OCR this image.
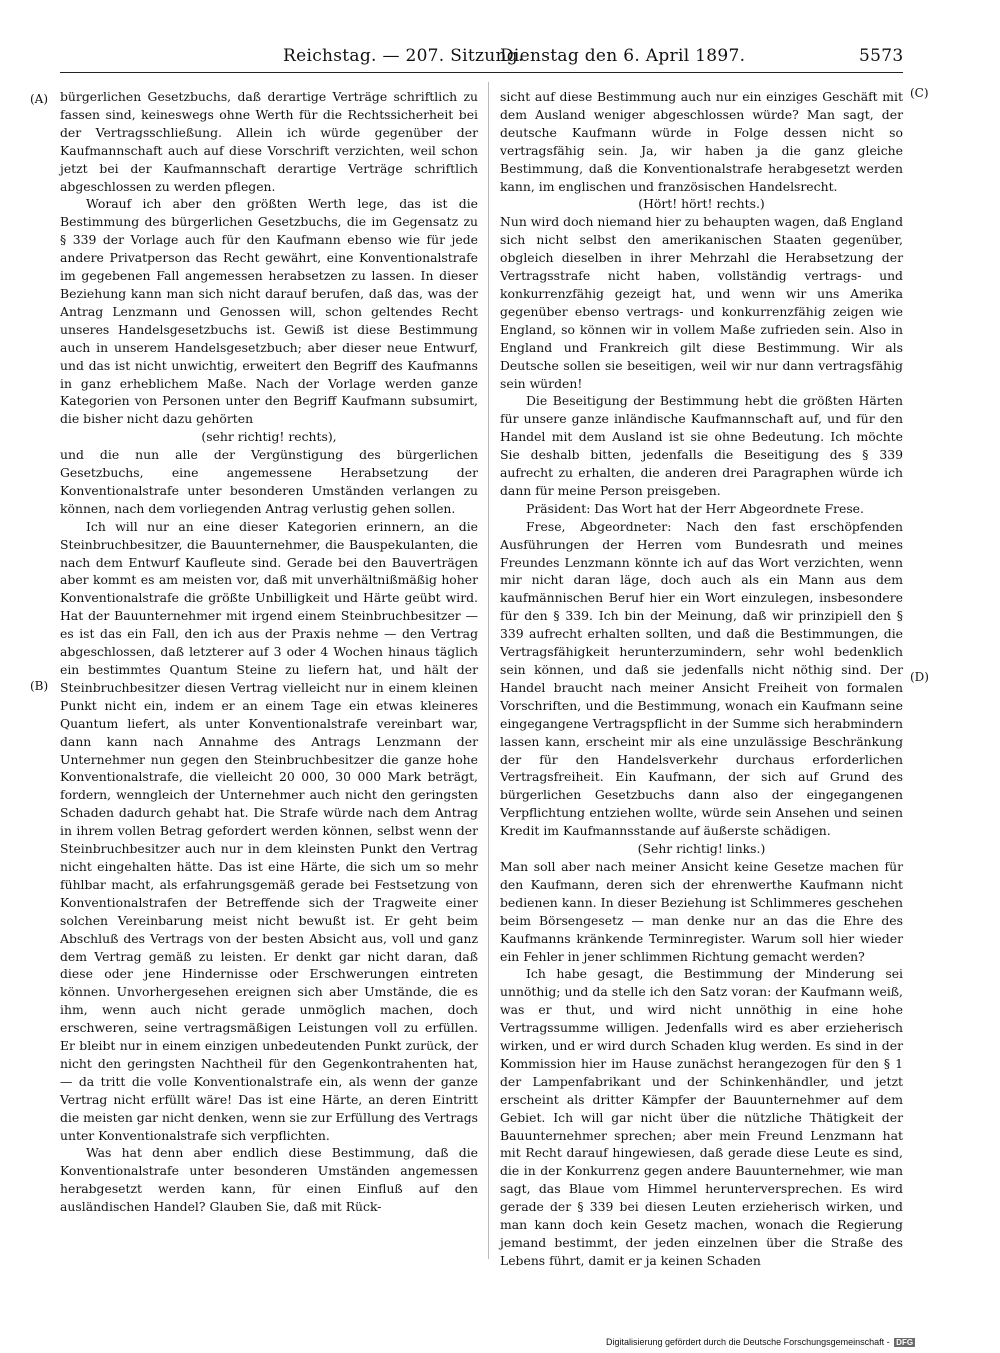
Reichstag. — 207. Sitzung.
Dienstag den 6. April 1897.	5573
(A)
(B)
(C)
(D)

bürgerlichen Gesetzbuchs, daß derartige Verträge schriftlich zu fassen sind, keineswegs ohne Werth für die Rechtssicherheit bei der Vertragsschließung. Allein ich würde gegenüber der Kaufmannschaft auch auf diese Vorschrift verzichten, weil schon jetzt bei der Kaufmannschaft derartige Verträge schriftlich abgeschlossen zu werden pflegen.

Worauf ich aber den größten Werth lege, das ist die Bestimmung des bürgerlichen Gesetzbuchs, die im Gegensatz zu § 339 der Vorlage auch für den Kaufmann ebenso wie für jede andere Privatperson das Recht gewährt, eine Konventionalstrafe im gegebenen Fall angemessen herabsetzen zu lassen. In dieser Beziehung kann man sich nicht darauf berufen, daß das, was der Antrag Lenzmann und Genossen will, schon geltendes Recht unseres Handelsgesetzbuchs ist. Gewiß ist diese Bestimmung auch in unserem Handelsgesetzbuch; aber dieser neue Entwurf, und das ist nicht unwichtig, erweitert den Begriff des Kaufmanns in ganz erheblichem Maße. Nach der Vorlage werden ganze Kategorien von Personen unter den Begriff Kaufmann subsumirt, die bisher nicht dazu gehörten

(sehr richtig! rechts),

und die nun alle der Vergünstigung des bürgerlichen Gesetzbuchs, eine angemessene Herabsetzung der Konventionalstrafe unter besonderen Umständen verlangen zu können, nach dem vorliegenden Antrag verlustig gehen sollen.

Ich will nur an eine dieser Kategorien erinnern, an die Steinbruchbesitzer, die Bauunternehmer, die Bauspekulanten, die nach dem Entwurf Kaufleute sind. Gerade bei den Bauverträgen aber kommt es am meisten vor, daß mit unverhältnißmäßig hoher Konventionalstrafe die größte Unbilligkeit und Härte geübt wird. Hat der Bauunternehmer mit irgend einem Steinbruchbesitzer — es ist das ein Fall, den ich aus der Praxis nehme — den Vertrag abgeschlossen, daß letzterer auf 3 oder 4 Wochen hinaus täglich ein bestimmtes Quantum Steine zu liefern hat, und hält der Steinbruchbesitzer diesen Vertrag vielleicht nur in einem kleinen Punkt nicht ein, indem er an einem Tage ein etwas kleineres Quantum liefert, als unter Konventionalstrafe vereinbart war, dann kann nach Annahme des Antrags Lenzmann der Unternehmer nun gegen den Steinbruchbesitzer die ganze hohe Konventionalstrafe, die vielleicht 20 000, 30 000 Mark beträgt, fordern, wenngleich der Unternehmer auch nicht den geringsten Schaden dadurch gehabt hat. Die Strafe würde nach dem Antrag in ihrem vollen Betrag gefordert werden können, selbst wenn der Steinbruchbesitzer auch nur in dem kleinsten Punkt den Vertrag nicht eingehalten hätte. Das ist eine Härte, die sich um so mehr fühlbar macht, als erfahrungsgemäß gerade bei Festsetzung von Konventionalstrafen der Betreffende sich der Tragweite einer solchen Vereinbarung meist nicht bewußt ist. Er geht beim Abschluß des Vertrags von der besten Absicht aus, voll und ganz dem Vertrag gemäß zu leisten. Er denkt gar nicht daran, daß diese oder jene Hindernisse oder Erschwerungen eintreten können. Unvorhergesehen ereignen sich aber Umstände, die es ihm, wenn auch nicht gerade unmöglich machen, doch erschweren, seine vertragsmäßigen Leistungen voll zu erfüllen. Er bleibt nur in einem einzigen unbedeutenden Punkt zurück, der nicht den geringsten Nachtheil für den Gegenkontrahenten hat, — da tritt die volle Konventionalstrafe ein, als wenn der ganze Vertrag nicht erfüllt wäre! Das ist eine Härte, an deren Eintritt die meisten gar nicht denken, wenn sie zur Erfüllung des Vertrags unter Konventionalstrafe sich verpflichten.

Was hat denn aber endlich diese Bestimmung, daß die Konventionalstrafe unter besonderen Umständen angemessen herabgesetzt werden kann, für einen Einfluß auf den ausländischen Handel? Glauben Sie, daß mit Rück-

sicht auf diese Bestimmung auch nur ein einziges Geschäft mit dem Ausland weniger abgeschlossen würde? Man sagt, der deutsche Kaufmann würde in Folge dessen nicht so vertragsfähig sein. Ja, wir haben ja die ganz gleiche Bestimmung, daß die Konventionalstrafe herabgesetzt werden kann, im englischen und französischen Handelsrecht.

(Hört! hört! rechts.)

Nun wird doch niemand hier zu behaupten wagen, daß England sich nicht selbst den amerikanischen Staaten gegenüber, obgleich dieselben in ihrer Mehrzahl die Herabsetzung der Vertragsstrafe nicht haben, vollständig vertrags- und konkurrenzfähig gezeigt hat, und wenn wir uns Amerika gegenüber ebenso vertrags- und konkurrenzfähig zeigen wie England, so können wir in vollem Maße zufrieden sein. Also in England und Frankreich gilt diese Bestimmung. Wir als Deutsche sollen sie beseitigen, weil wir nur dann vertragsfähig sein würden!

Die Beseitigung der Bestimmung hebt die größten Härten für unsere ganze inländische Kaufmannschaft auf, und für den Handel mit dem Ausland ist sie ohne Bedeutung. Ich möchte Sie deshalb bitten, jedenfalls die Beseitigung des § 339 aufrecht zu erhalten, die anderen drei Paragraphen würde ich dann für meine Person preisgeben.

Präsident: Das Wort hat der Herr Abgeordnete Frese.

Frese, Abgeordneter: Nach den fast erschöpfenden Ausführungen der Herren vom Bundesrath und meines Freundes Lenzmann könnte ich auf das Wort verzichten, wenn mir nicht daran läge, doch auch als ein Mann aus dem kaufmännischen Beruf hier ein Wort einzulegen, insbesondere für den § 339. Ich bin der Meinung, daß wir prinzipiell den § 339 aufrecht erhalten sollten, und daß die Bestimmungen, die Vertragsfähigkeit herunterzumindern, sehr wohl bedenklich sein können, und daß sie jedenfalls nicht nöthig sind. Der Handel braucht nach meiner Ansicht Freiheit von formalen Vorschriften, und die Bestimmung, wonach ein Kaufmann seine eingegangene Vertragspflicht in der Summe sich herabmindern lassen kann, erscheint mir als eine unzulässige Beschränkung der für den Handelsverkehr durchaus erforderlichen Vertragsfreiheit. Ein Kaufmann, der sich auf Grund des bürgerlichen Gesetzbuchs dann also der eingegangenen Verpflichtung entziehen wollte, würde sein Ansehen und seinen Kredit im Kaufmannsstande auf äußerste schädigen.

(Sehr richtig! links.)

Man soll aber nach meiner Ansicht keine Gesetze machen für den Kaufmann, deren sich der ehrenwerthe Kaufmann nicht bedienen kann. In dieser Beziehung ist Schlimmeres geschehen beim Börsengesetz — man denke nur an das die Ehre des Kaufmanns kränkende Terminregister. Warum soll hier wieder ein Fehler in jener schlimmen Richtung gemacht werden?

Ich habe gesagt, die Bestimmung der Minderung sei unnöthig; und da stelle ich den Satz voran: der Kaufmann weiß, was er thut, und wird nicht unnöthig in eine hohe Vertragssumme willigen. Jedenfalls wird es aber erzieherisch wirken, und er wird durch Schaden klug werden. Es sind in der Kommission hier im Hause zunächst herangezogen für den § 1 der Lampenfabrikant und der Schinkenhändler, und jetzt erscheint als dritter Kämpfer der Bauunternehmer auf dem Gebiet. Ich will gar nicht über die nützliche Thätigkeit der Bauunternehmer sprechen; aber mein Freund Lenzmann hat mit Recht darauf hingewiesen, daß gerade diese Leute es sind, die in der Konkurrenz gegen andere Bauunternehmer, wie man sagt, das Blaue vom Himmel herunterversprechen. Es wird gerade der § 339 bei diesen Leuten erzieherisch wirken, und man kann doch kein Gesetz machen, wonach die Regierung jemand bestimmt, der jeden einzelnen über die Straße des Lebens führt, damit er ja keinen Schaden

Digitalisierung gefördert durch die Deutsche Forschungsgemeinschaft - DFG
